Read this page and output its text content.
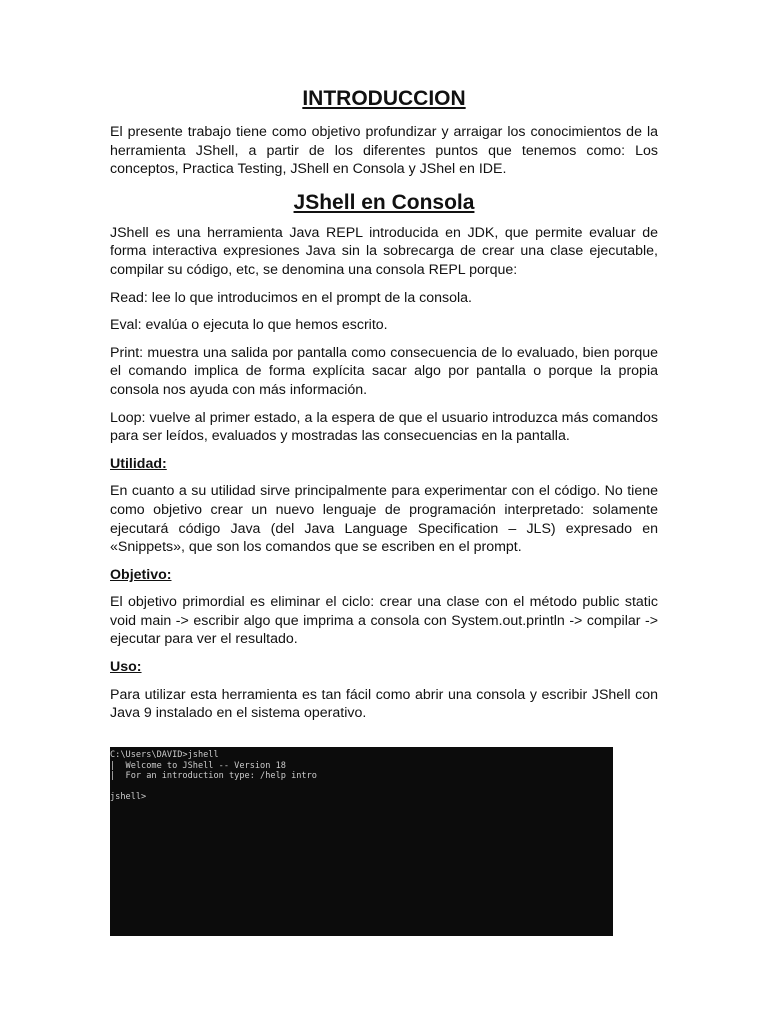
INTRODUCCION

El presente trabajo tiene como objetivo profundizar y arraigar los conocimientos de la herramienta JShell, a partir de los diferentes puntos que tenemos como: Los conceptos, Practica Testing, JShell en Consola y JShel en IDE.

JShell en Consola

JShell es una herramienta Java REPL introducida en JDK, que permite evaluar de forma interactiva expresiones Java sin la sobrecarga de crear una clase ejecutable, compilar su código, etc, se denomina una consola REPL porque:

Read: lee lo que introducimos en el prompt de la consola.

Eval: evalúa o ejecuta lo que hemos escrito.

Print: muestra una salida por pantalla como consecuencia de lo evaluado, bien porque el comando implica de forma explícita sacar algo por pantalla o porque la propia consola nos ayuda con más información.

Loop: vuelve al primer estado, a la espera de que el usuario introduzca más comandos para ser leídos, evaluados y mostradas las consecuencias en la pantalla.

Utilidad:

En cuanto a su utilidad sirve principalmente para experimentar con el código. No tiene como objetivo crear un nuevo lenguaje de programación interpretado: solamente ejecutará código Java (del Java Language Specification – JLS) expresado en «Snippets», que son los comandos que se escriben en el prompt.

Objetivo:

El objetivo primordial es eliminar el ciclo: crear una clase con el método public static void main -> escribir algo que imprima a consola con System.out.println -> compilar -> ejecutar para ver el resultado.

Uso:

Para utilizar esta herramienta es tan fácil como abrir una consola y escribir JShell con Java 9 instalado en el sistema operativo.

C:\Users\DAVID>jshell
|  Welcome to JShell -- Version 18
|  For an introduction type: /help intro
jshell>
